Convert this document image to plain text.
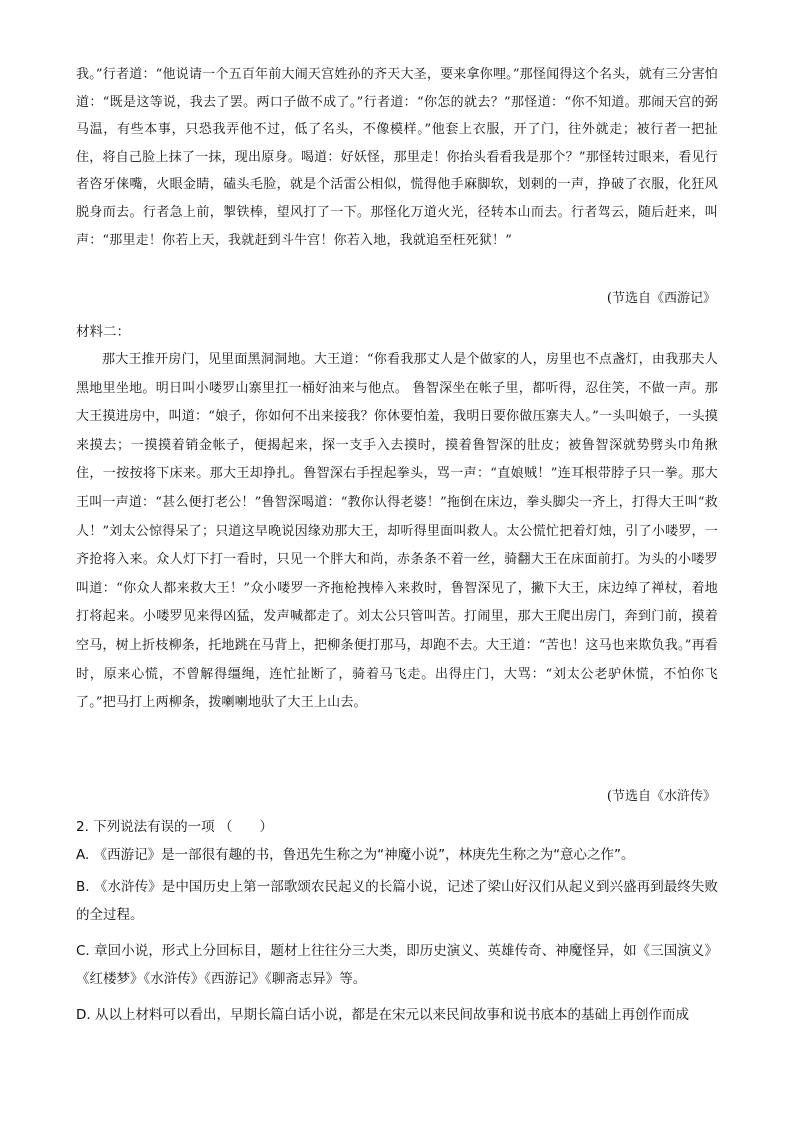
我。”行者道：“他说请一个五百年前大闹天宫姓孙的齐天大圣，要来拿你哩。”那怪闻得这个名头，就有三分害怕道：“既是这等说，我去了罢。两口子做不成了。”行者道：“你怎的就去？”那怪道：“你不知道。那闹天宫的弼马温，有些本事，只恐我弄他不过，低了名头，不像模样。”他套上衣服，开了门，往外就走；被行者一把扯住，将自己脸上抹了一抹，现出原身。喝道：好妖怪，那里走！你抬头看看我是那个？”那怪转过眼来，看见行者咨牙俫嘴，火眼金睛，磕头毛脸，就是个活雷公相似，慌得他手麻脚软，划剌的一声，挣破了衣服，化狂风脱身而去。行者急上前，掣铁棒，望风打了一下。那怪化万道火光，径转本山而去。行者驾云，随后赶来，叫声：“那里走！你若上天，我就赶到斗牛宫！你若入地，我就追至枉死狱！”

(节选自《西游记》

材料二：

那大王推开房门，见里面黑洞洞地。大王道：“你看我那丈人是个做家的人，房里也不点盏灯，由我那夫人黑地里坐地。明日叫小喽罗山寨里扛一桶好油来与他点。 鲁智深坐在帐子里，都听得，忍住笑，不做一声。那大王摸进房中，叫道：“娘子，你如何不出来接我？你休要怕羞，我明日要你做压寨夫人。”一头叫娘子，一头摸来摸去；一摸摸着销金帐子，便揭起来，探一支手入去摸时，摸着鲁智深的肚皮；被鲁智深就势劈头巾角揪住，一按按将下床来。那大王却挣扎。鲁智深右手捏起拳头，骂一声：“直娘贼！”连耳根带脖子只一拳。那大王叫一声道：“甚么便打老公！”鲁智深喝道：“教你认得老婆！”拖倒在床边，拳头脚尖一齐上，打得大王叫“救人！”刘太公惊得呆了；只道这早晚说因缘劝那大王，却听得里面叫救人。太公慌忙把着灯烛，引了小喽罗，一齐抢将入来。众人灯下打一看时，只见一个胖大和尚，赤条条不着一丝，骑翻大王在床面前打。为头的小喽罗叫道：“你众人都来救大王！”众小喽罗一齐拖枪拽棒入来救时，鲁智深见了，撇下大王，床边绰了禅杖，着地打将起来。小喽罗见来得凶猛，发声喊都走了。刘太公只管叫苦。打闹里，那大王爬出房门，奔到门前，摸着空马，树上折枝柳条，托地跳在马背上，把柳条便打那马，却跑不去。大王道：“苦也！这马也来欺负我。”再看时，原来心慌，不曾解得缰绳，连忙扯断了，骑着马飞走。出得庄门，大骂：“刘太公老驴休慌，不怕你飞了。”把马打上两柳条，拨喇喇地驮了大王上山去。

(节选自《水浒传》

2. 下列说法有误的一项 （　　）

A. 《西游记》是一部很有趣的书，鲁迅先生称之为“神魔小说”，林庚先生称之为“意心之作”。

B. 《水浒传》是中国历史上第一部歌颂农民起义的长篇小说，记述了梁山好汉们从起义到兴盛再到最终失败的全过程。

C. 章回小说，形式上分回标目，题材上往往分三大类，即历史演义、英雄传奇、神魔怪异，如《三国演义》《红楼梦》《水浒传》《西游记》《聊斋志异》等。

D. 从以上材料可以看出，早期长篇白话小说，都是在宋元以来民间故事和说书底本的基础上再创作而成
